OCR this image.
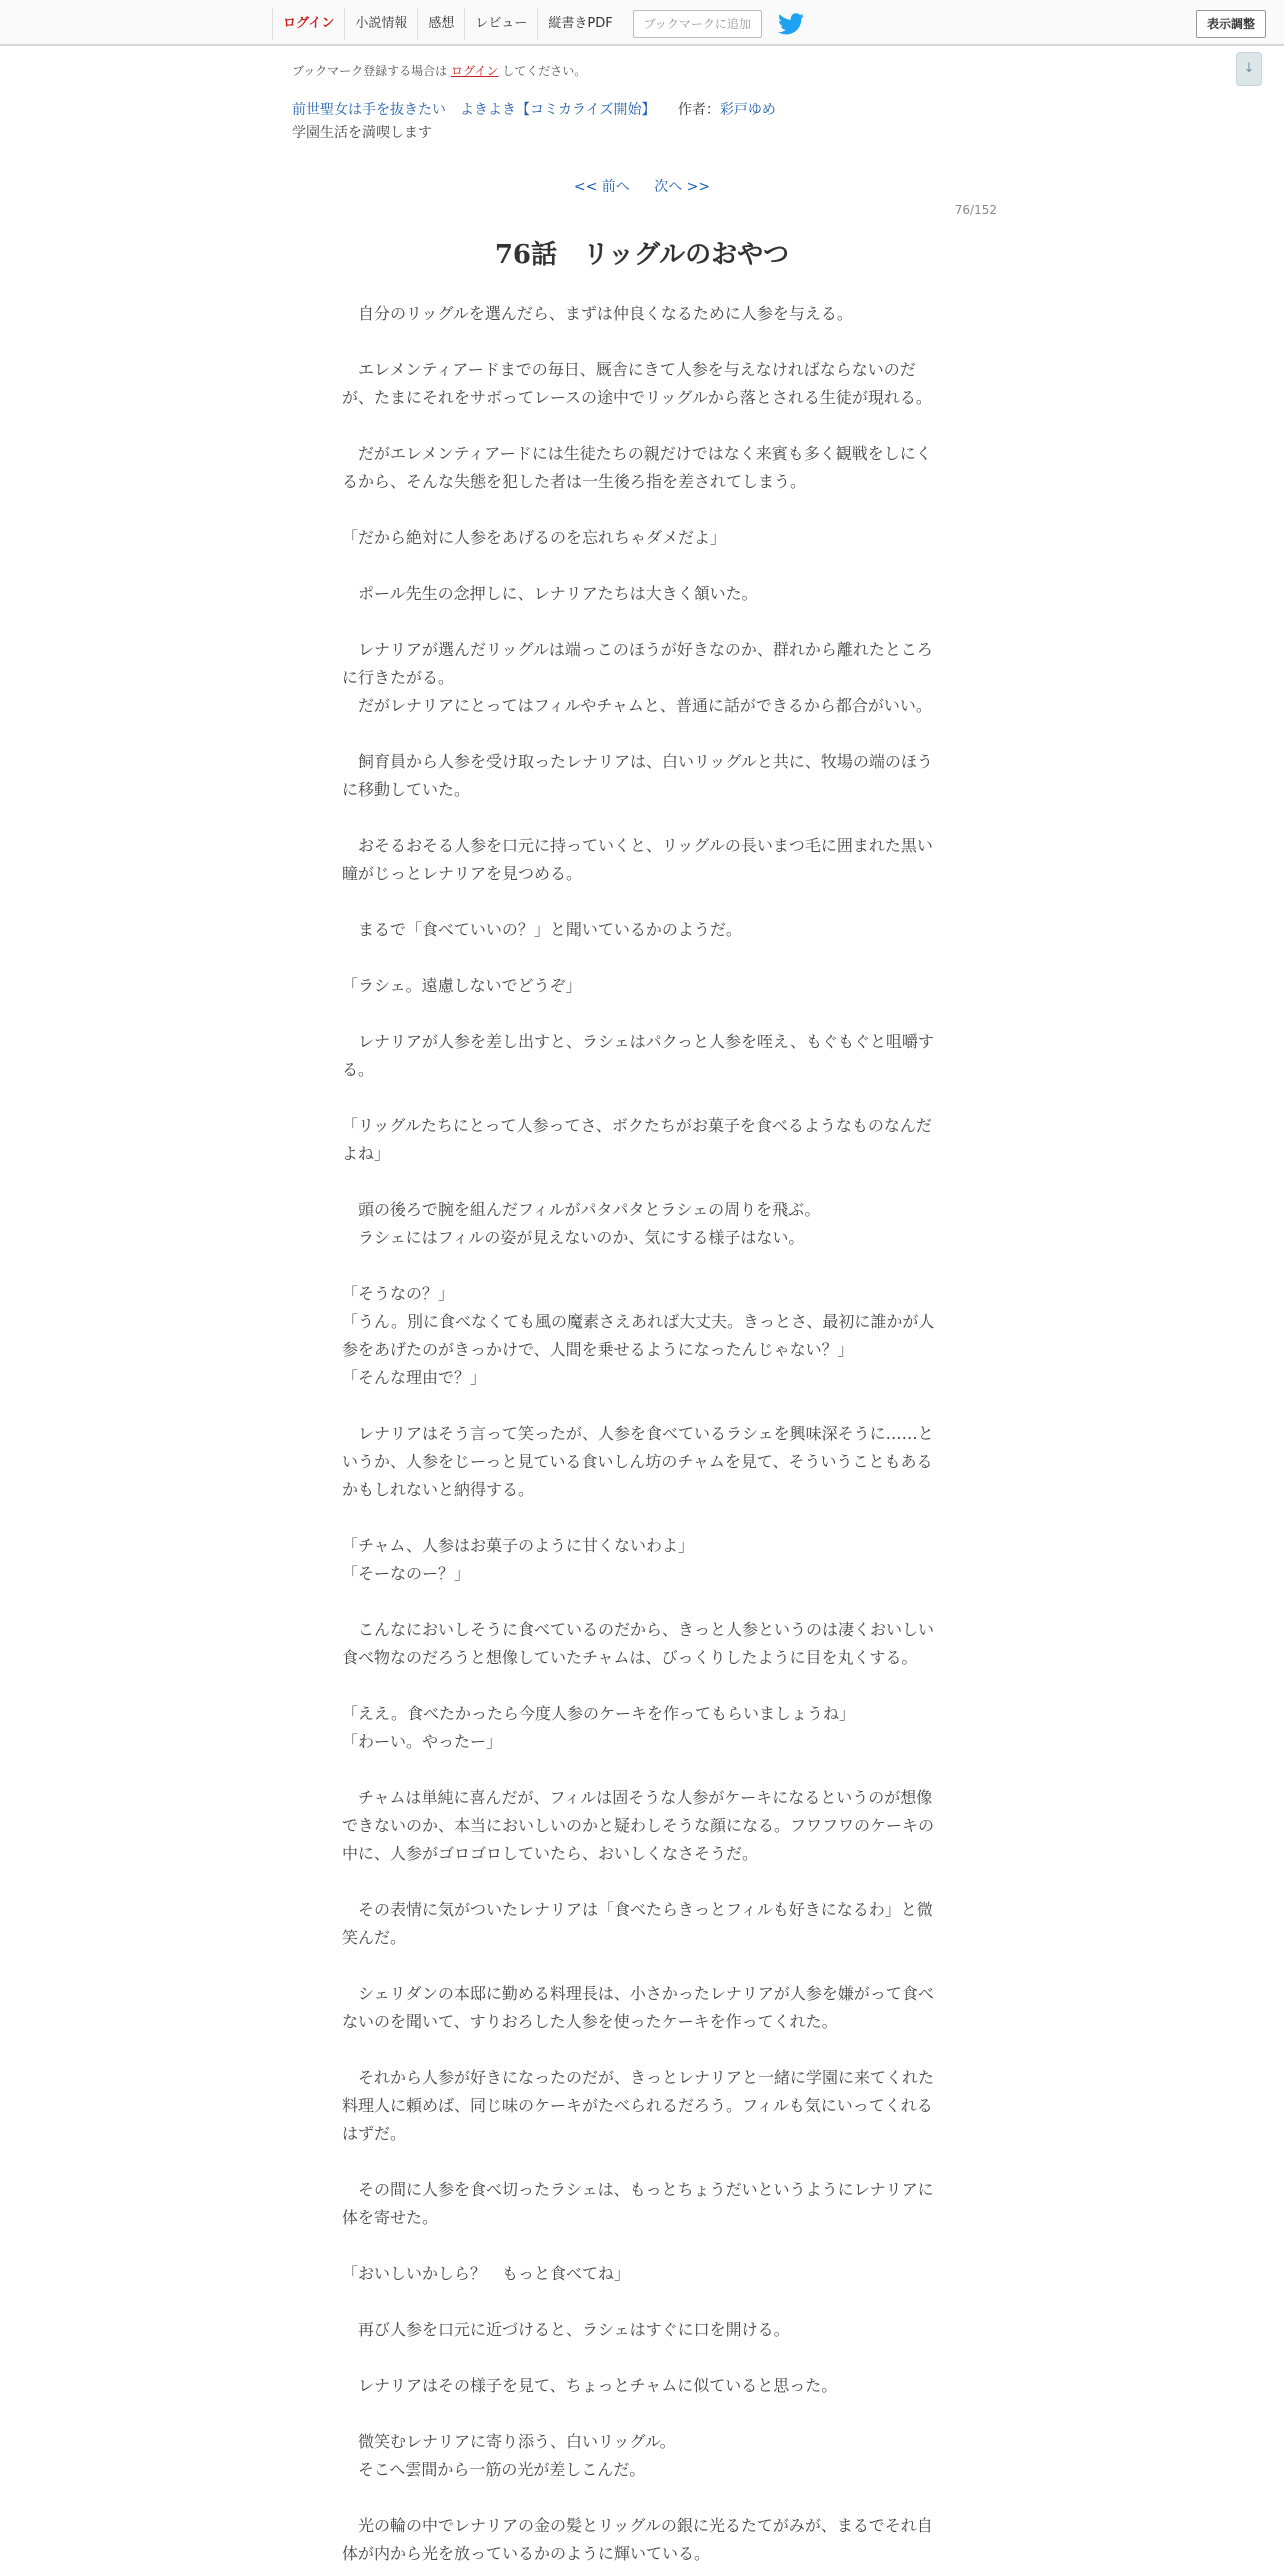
ログイン	小説情報	感想	レビュー	縦書きPDF	ブックマークに追加	表示調整
↓
ブックマーク登録する場合は ログイン してください。
前世聖女は手を抜きたい　よきよき【コミカライズ開始】 作者：彩戸ゆめ
学園生活を満喫します
<< 前へ 次へ >>
76/152
76話　リッグルのおやつ

　自分のリッグルを選んだら、まずは仲良くなるために人参を与える。

　エレメンティアードまでの毎日、厩舎にきて人参を与えなければならないのだ

が、たまにそれをサボってレースの途中でリッグルから落とされる生徒が現れる。

　だがエレメンティアードには生徒たちの親だけではなく来賓も多く観戦をしにく

るから、そんな失態を犯した者は一生後ろ指を差されてしまう。

「だから絶対に人参をあげるのを忘れちゃダメだよ」

　ポール先生の念押しに、レナリアたちは大きく頷いた。

　レナリアが選んだリッグルは端っこのほうが好きなのか、群れから離れたところ

に行きたがる。

　だがレナリアにとってはフィルやチャムと、普通に話ができるから都合がいい。

　飼育員から人参を受け取ったレナリアは、白いリッグルと共に、牧場の端のほう

に移動していた。

　おそるおそる人参を口元に持っていくと、リッグルの長いまつ毛に囲まれた黒い

瞳がじっとレナリアを見つめる。

　まるで「食べていいの？」と聞いているかのようだ。

「ラシェ。遠慮しないでどうぞ」

　レナリアが人参を差し出すと、ラシェはパクっと人参を咥え、もぐもぐと咀嚼す

る。

「リッグルたちにとって人参ってさ、ボクたちがお菓子を食べるようなものなんだ

よね」

　頭の後ろで腕を組んだフィルがパタパタとラシェの周りを飛ぶ。

　ラシェにはフィルの姿が見えないのか、気にする様子はない。

「そうなの？」

「うん。別に食べなくても風の魔素さえあれば大丈夫。きっとさ、最初に誰かが人

参をあげたのがきっかけで、人間を乗せるようになったんじゃない？」

「そんな理由で？」

　レナリアはそう言って笑ったが、人参を食べているラシェを興味深そうに……と

いうか、人参をじーっと見ている食いしん坊のチャムを見て、そういうこともある

かもしれないと納得する。

「チャム、人参はお菓子のように甘くないわよ」

「そーなのー？」

　こんなにおいしそうに食べているのだから、きっと人参というのは凄くおいしい

食べ物なのだろうと想像していたチャムは、びっくりしたように目を丸くする。

「ええ。食べたかったら今度人参のケーキを作ってもらいましょうね」

「わーい。やったー」

　チャムは単純に喜んだが、フィルは固そうな人参がケーキになるというのが想像

できないのか、本当においしいのかと疑わしそうな顔になる。フワフワのケーキの

中に、人参がゴロゴロしていたら、おいしくなさそうだ。

　その表情に気がついたレナリアは「食べたらきっとフィルも好きになるわ」と微

笑んだ。

　シェリダンの本邸に勤める料理長は、小さかったレナリアが人参を嫌がって食べ

ないのを聞いて、すりおろした人参を使ったケーキを作ってくれた。

　それから人参が好きになったのだが、きっとレナリアと一緒に学園に来てくれた

料理人に頼めば、同じ味のケーキがたべられるだろう。フィルも気にいってくれる

はずだ。

　その間に人参を食べ切ったラシェは、もっとちょうだいというようにレナリアに

体を寄せた。

「おいしいかしら？　もっと食べてね」

　再び人参を口元に近づけると、ラシェはすぐに口を開ける。

　レナリアはその様子を見て、ちょっとチャムに似ていると思った。

　微笑むレナリアに寄り添う、白いリッグル。

　そこへ雲間から一筋の光が差しこんだ。

　光の輪の中でレナリアの金の髪とリッグルの銀に光るたてがみが、まるでそれ自

体が内から光を放っているかのように輝いている。
